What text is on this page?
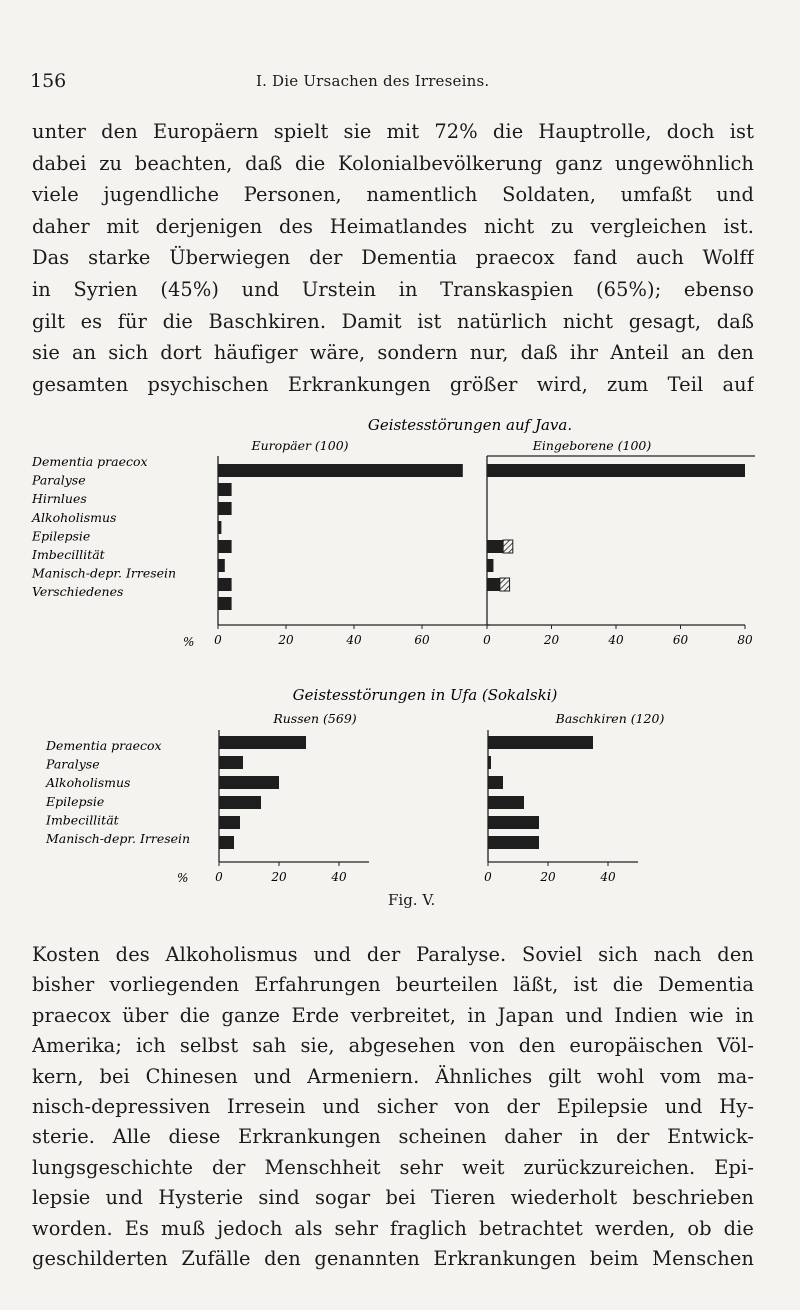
156	I. Die Ursachen des Irreseins.
unter den Europäern spielt sie mit 72% die Hauptrolle, doch ist
dabei zu beachten, daß die Kolonialbevölkerung ganz ungewöhnlich
viele jugendliche Personen, namentlich Soldaten, umfaßt und
daher mit derjenigen des Heimatlandes nicht zu vergleichen ist.
Das starke Überwiegen der Dementia praecox fand auch Wolff
in Syrien (45%) und Urstein in Transkaspien (65%); ebenso
gilt es für die Baschkiren. Damit ist natürlich nicht gesagt, daß
sie an sich dort häufiger wäre, sondern nur, daß ihr Anteil an den
gesamten psychischen Erkrankungen größer wird, zum Teil auf
Dementia praecox
Paralyse
Hirnlues
Alkoholismus
Epilepsie
Imbecillität
Manisch-depr. Irresein
Verschiedenes
Geistesstörungen auf Java.
Europäer (100)	Eingeborene (100)
% 0	20	40	60	0	20	40	60	80
Geistesstörungen in Ufa (Sokalski)
Russen (569)	Baschkiren (120)
Dementia praecox
Paralyse
Alkoholismus
Epilepsie
Imbecillität
Manisch-depr. Irresein
% 0	20	40	0	20	40
Fig. V.
Kosten des Alkoholismus und der Paralyse. Soviel sich nach den
bisher vorliegenden Erfahrungen beurteilen läßt, ist die Dementia
praecox über die ganze Erde verbreitet, in Japan und Indien wie in
Amerika; ich selbst sah sie, abgesehen von den europäischen Völ-
kern, bei Chinesen und Armeniern. Ähnliches gilt wohl vom ma-
nisch-depressiven Irresein und sicher von der Epilepsie und Hy-
sterie. Alle diese Erkrankungen scheinen daher in der Entwick-
lungsgeschichte der Menschheit sehr weit zurückzureichen. Epi-
lepsie und Hysterie sind sogar bei Tieren wiederholt beschrieben
worden. Es muß jedoch als sehr fraglich betrachtet werden, ob die
geschilderten Zufälle den genannten Erkrankungen beim Menschen
